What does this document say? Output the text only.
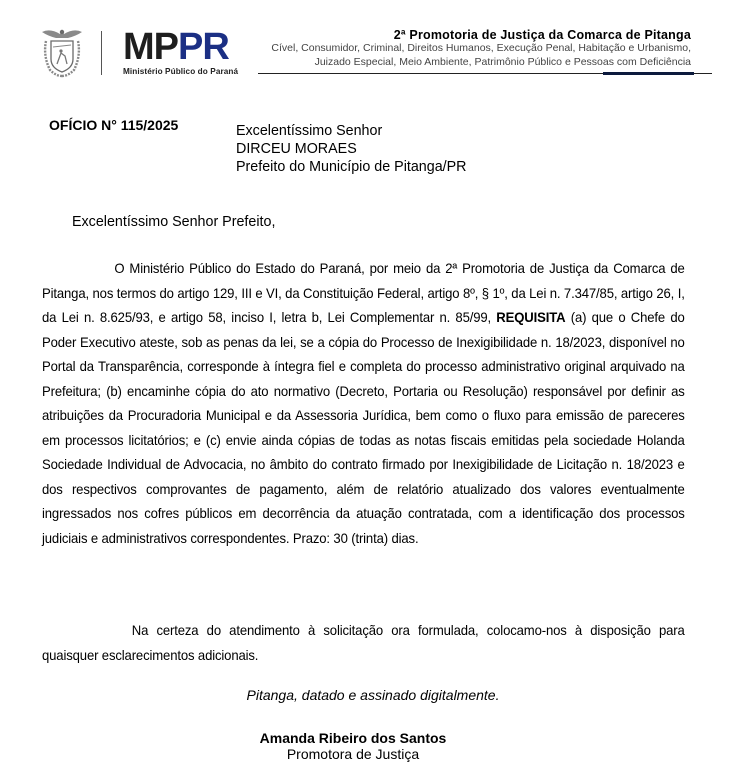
MPPR
Ministério Público do Paraná
2ª Promotoria de Justiça da Comarca de Pitanga
Cível, Consumidor, Criminal, Direitos Humanos, Execução Penal, Habitação e Urbanismo,
Juizado Especial, Meio Ambiente, Patrimônio Público e Pessoas com Deficiência
OFÍCIO N° 115/2025	Excelentíssimo Senhor
DIRCEU MORAES
Prefeito do Município de Pitanga/PR
Excelentíssimo Senhor Prefeito,
O Ministério Público do Estado do Paraná, por meio da 2ª Promotoria de Justiça da Comarca de Pitanga, nos termos do artigo 129, III e VI, da Constituição Federal, artigo 8º, § 1º, da Lei n. 7.347/85, artigo 26, I, da Lei n. 8.625/93, e artigo 58, inciso I, letra b, Lei Complementar n. 85/99, REQUISITA (a) que o Chefe do Poder Executivo ateste, sob as penas da lei, se a cópia do Processo de Inexigibilidade n. 18/2023, disponível no Portal da Transparência, corresponde à íntegra fiel e completa do processo administrativo original arquivado na Prefeitura; (b) encaminhe cópia do ato normativo (Decreto, Portaria ou Resolução) responsável por definir as atribuições da Procuradoria Municipal e da Assessoria Jurídica, bem como o fluxo para emissão de pareceres em processos licitatórios; e (c) envie ainda cópias de todas as notas fiscais emitidas pela sociedade Holanda Sociedade Individual de Advocacia, no âmbito do contrato firmado por Inexigibilidade de Licitação n. 18/2023 e dos respectivos comprovantes de pagamento, além de relatório atualizado dos valores eventualmente ingressados nos cofres públicos em decorrência da atuação contratada, com a identificação dos processos judiciais e administrativos correspondentes. Prazo: 30 (trinta) dias.
Na certeza do atendimento à solicitação ora formulada, colocamo-nos à disposição para quaisquer esclarecimentos adicionais.
Pitanga, datado e assinado digitalmente.
Amanda Ribeiro dos Santos
Promotora de Justiça
